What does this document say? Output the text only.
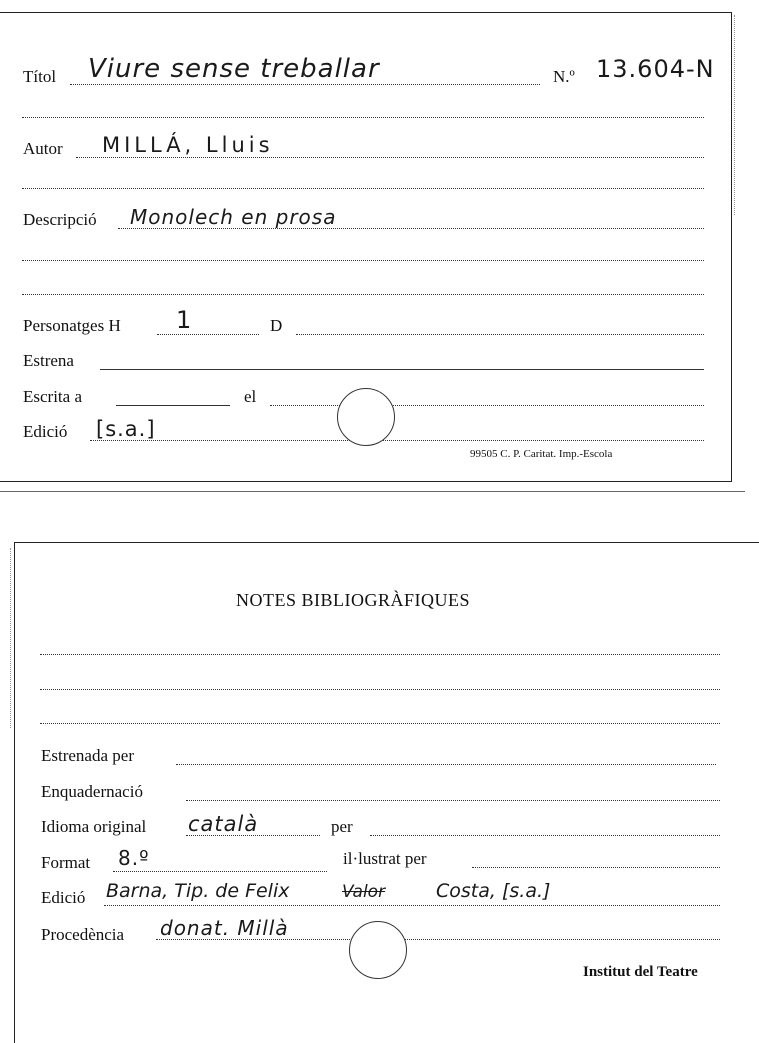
Títol Viure sense treballar	N.º 13.604-N
Autor MILLÁ, Lluis
Descripció Monolech en prosa
Personatges H 1	D
Estrena
Escrita a	el
Edició [s.a.]
99505 C. P. Caritat. Imp.-Escola
NOTES BIBLIOGRÀFIQUES
Estrenada per
Enquadernació
Idioma original català	per
Format 8.º	il·lustrat per
Edició Barna, Tip. de Felix	Valor	Costa, [s.a.]
Procedència donat. Millà
Institut del Teatre
